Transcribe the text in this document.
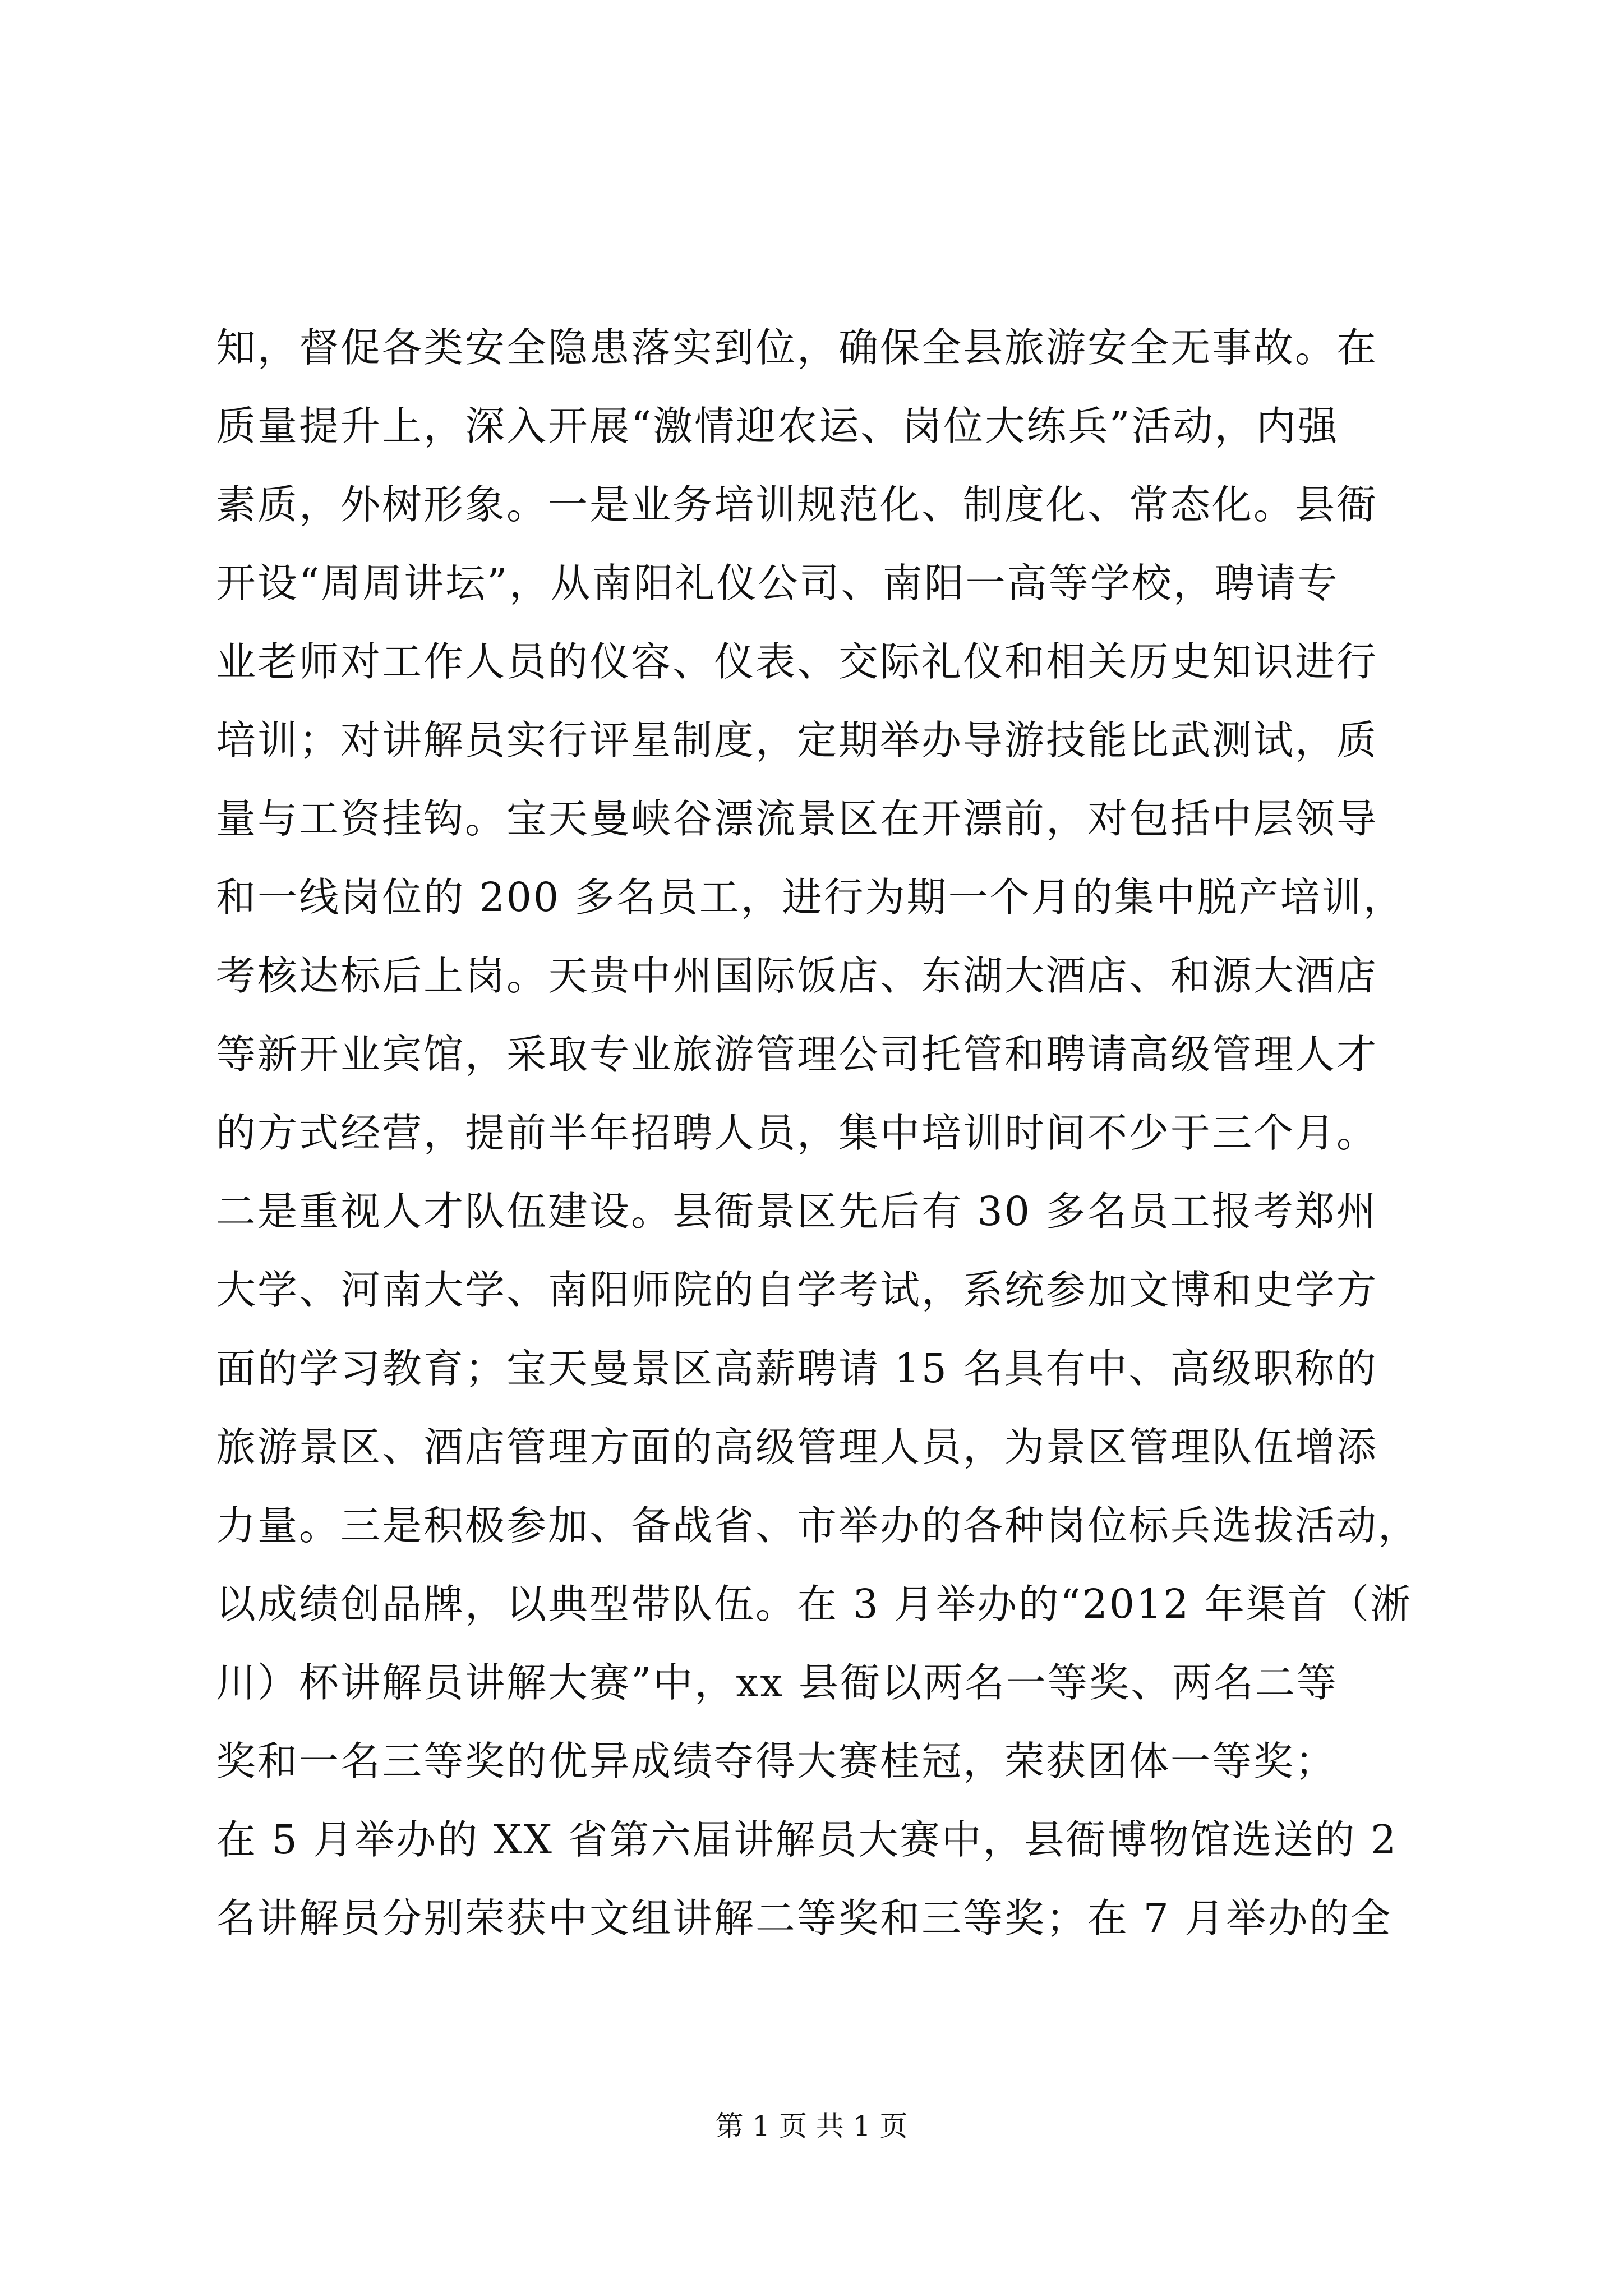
知，督促各类安全隐患落实到位，确保全县旅游安全无事故。在
质量提升上，深入开展“激情迎农运、岗位大练兵”活动，内强
素质，外树形象。一是业务培训规范化、制度化、常态化。县衙
开设“周周讲坛”，从南阳礼仪公司、南阳一高等学校，聘请专
业老师对工作人员的仪容、仪表、交际礼仪和相关历史知识进行
培训；对讲解员实行评星制度，定期举办导游技能比武测试，质
量与工资挂钩。宝天曼峡谷漂流景区在开漂前，对包括中层领导
和一线岗位的 200 多名员工，进行为期一个月的集中脱产培训，
考核达标后上岗。天贵中州国际饭店、东湖大酒店、和源大酒店
等新开业宾馆，采取专业旅游管理公司托管和聘请高级管理人才
的方式经营，提前半年招聘人员，集中培训时间不少于三个月。
二是重视人才队伍建设。县衙景区先后有 30 多名员工报考郑州
大学、河南大学、南阳师院的自学考试，系统参加文博和史学方
面的学习教育；宝天曼景区高薪聘请 15 名具有中、高级职称的
旅游景区、酒店管理方面的高级管理人员，为景区管理队伍增添
力量。三是积极参加、备战省、市举办的各种岗位标兵选拔活动，
以成绩创品牌，以典型带队伍。在 3 月举办的“2012 年渠首（淅
川）杯讲解员讲解大赛”中，xx 县衙以两名一等奖、两名二等
奖和一名三等奖的优异成绩夺得大赛桂冠，荣获团体一等奖；
在 5 月举办的 XX 省第六届讲解员大赛中，县衙博物馆选送的 2
名讲解员分别荣获中文组讲解二等奖和三等奖；在 7 月举办的全
第 1 页 共 1 页
